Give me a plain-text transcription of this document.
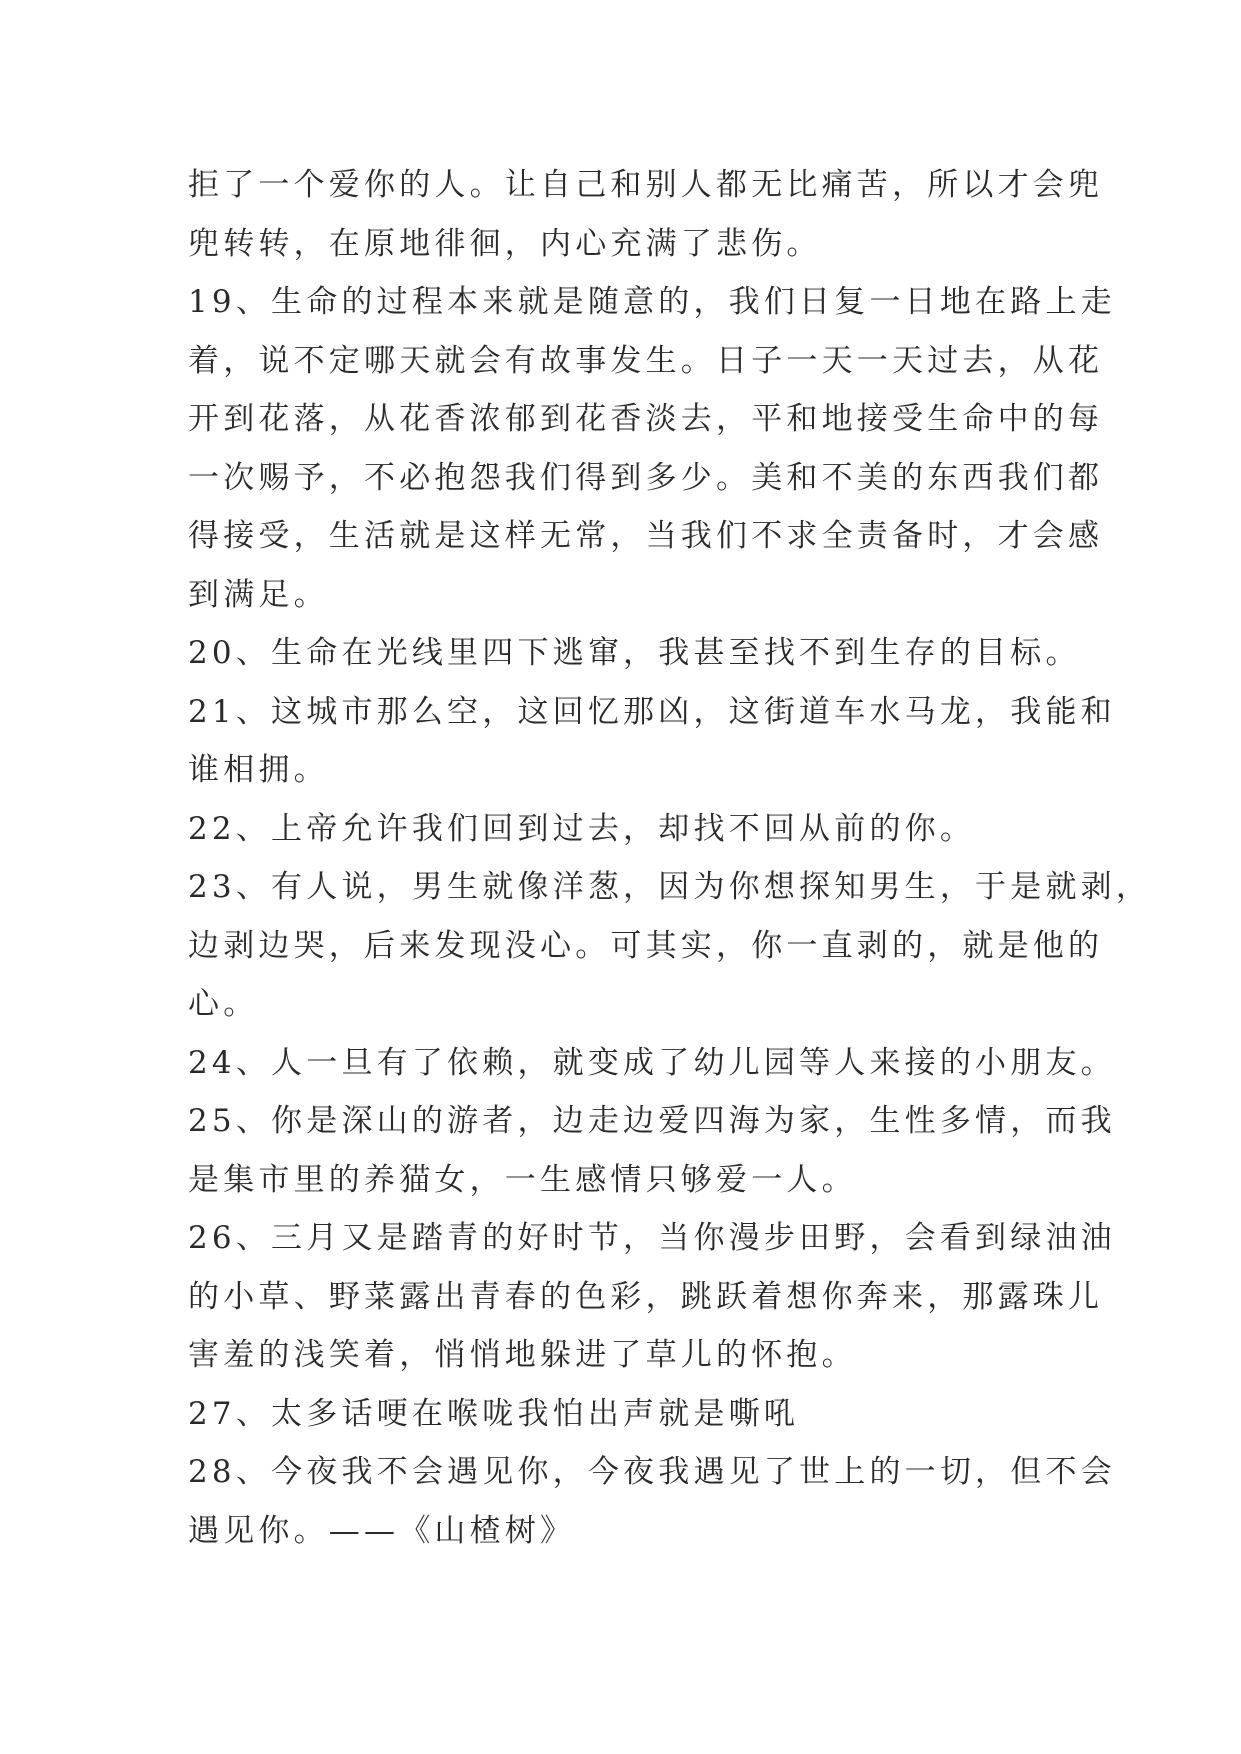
拒了一个爱你的人。让自己和别人都无比痛苦，所以才会兜
兜转转，在原地徘徊，内心充满了悲伤。
19、生命的过程本来就是随意的，我们日复一日地在路上走
着，说不定哪天就会有故事发生。日子一天一天过去，从花
开到花落，从花香浓郁到花香淡去，平和地接受生命中的每
一次赐予，不必抱怨我们得到多少。美和不美的东西我们都
得接受，生活就是这样无常，当我们不求全责备时，才会感
到满足。
20、生命在光线里四下逃窜，我甚至找不到生存的目标。
21、这城市那么空，这回忆那凶，这街道车水马龙，我能和
谁相拥。
22、上帝允许我们回到过去，却找不回从前的你。
23、有人说，男生就像洋葱，因为你想探知男生，于是就剥，
边剥边哭，后来发现没心。可其实，你一直剥的，就是他的
心。
24、人一旦有了依赖，就变成了幼儿园等人来接的小朋友。
25、你是深山的游者，边走边爱四海为家，生性多情，而我
是集市里的养猫女，一生感情只够爱一人。
26、三月又是踏青的好时节，当你漫步田野，会看到绿油油
的小草、野菜露出青春的色彩，跳跃着想你奔来，那露珠儿
害羞的浅笑着，悄悄地躲进了草儿的怀抱。
27、太多话哽在喉咙我怕出声就是嘶吼
28、今夜我不会遇见你，今夜我遇见了世上的一切，但不会
遇见你。——《山楂树》
